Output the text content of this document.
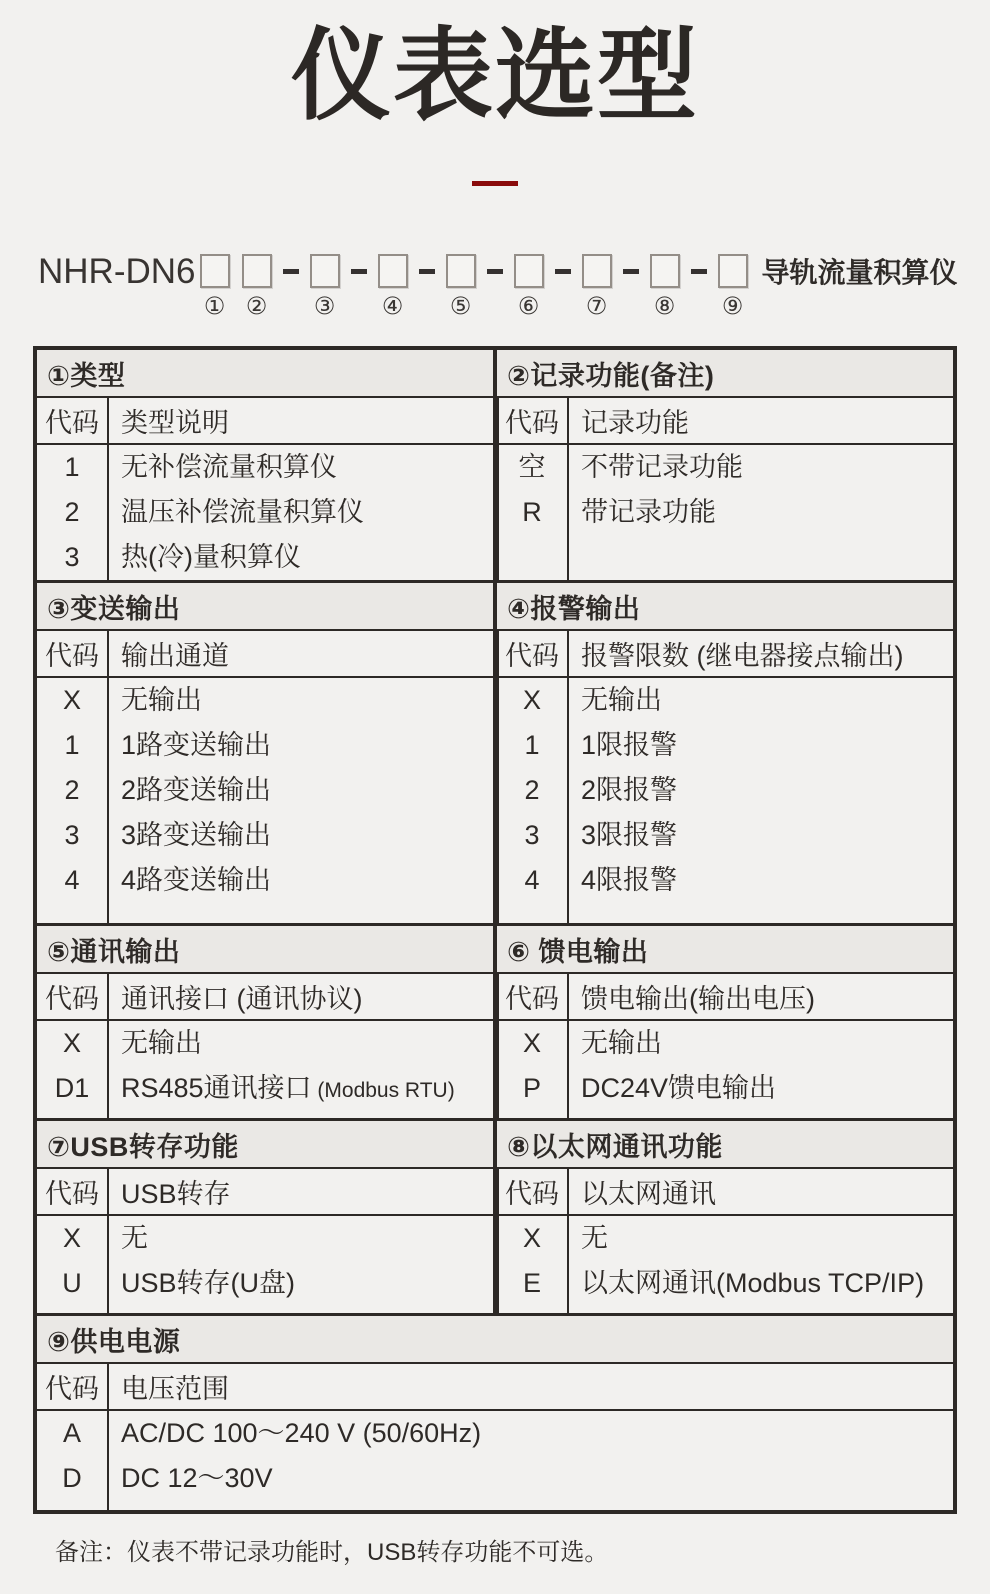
仪表选型
NHR-DN6
① ② ③ ④ ⑤ ⑥ ⑦ ⑧ ⑨
导轨流量积算仪
①类型
代码 类型说明
1
2
3
无补偿流量积算仪
温压补偿流量积算仪
热(冷)量积算仪
②记录功能(备注)
代码 记录功能
空
R
不带记录功能
带记录功能
③变送输出
代码 输出通道
X
1
2
3
4
无输出
1路变送输出
2路变送输出
3路变送输出
4路变送输出
④报警输出
代码 报警限数 (继电器接点输出)
X
1
2
3
4
无输出
1限报警
2限报警
3限报警
4限报警
⑤通讯输出
代码 通讯接口 (通讯协议)
X
D1
无输出
RS485通讯接口 (Modbus RTU)
⑥ 馈电输出
代码 馈电输出(输出电压)
X
P
无输出
DC24V馈电输出
⑦USB转存功能
代码 USB转存
X
U
无
USB转存(U盘)
⑧以太网通讯功能
代码 以太网通讯
X
E
无
以太网通讯(Modbus TCP/IP)
⑨供电电源
代码 电压范围
A
D
AC/DC 100～240 V (50/60Hz)
DC 12～30V
备注：仪表不带记录功能时，USB转存功能不可选。
